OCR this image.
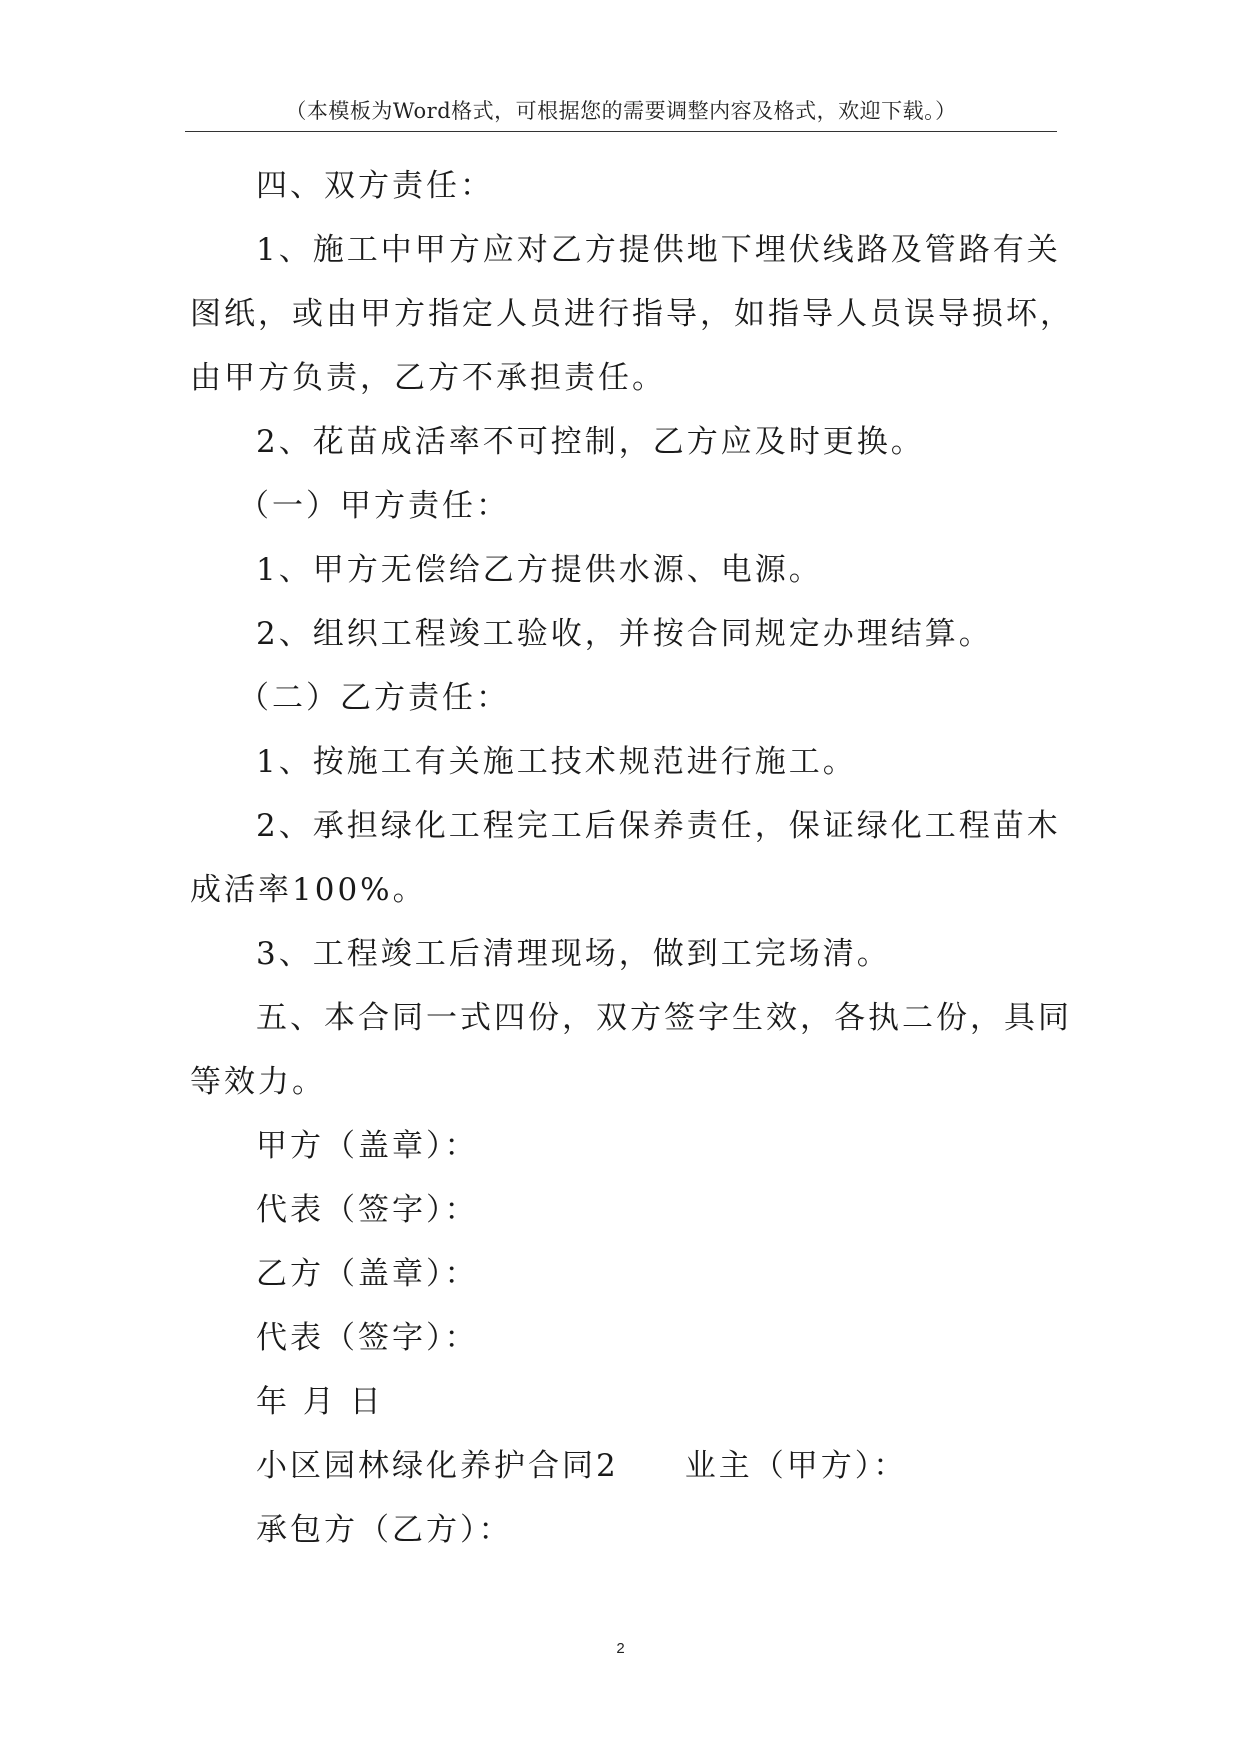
（本模板为Word格式，可根据您的需要调整内容及格式，欢迎下载。）
四、双方责任：
1、施工中甲方应对乙方提供地下埋伏线路及管路有关
图纸，或由甲方指定人员进行指导，如指导人员误导损坏，
由甲方负责，乙方不承担责任。
2、花苗成活率不可控制，乙方应及时更换。
（一）甲方责任：
1、甲方无偿给乙方提供水源、电源。
2、组织工程竣工验收，并按合同规定办理结算。
（二）乙方责任：
1、按施工有关施工技术规范进行施工。
2、承担绿化工程完工后保养责任，保证绿化工程苗木
成活率100%。
3、工程竣工后清理现场，做到工完场清。
五、本合同一式四份，双方签字生效，各执二份，具同
等效力。
甲方（盖章）：
代表（签字）：
乙方（盖章）：
代表（签字）：
年 月 日
小区园林绿化养护合同2 业主（甲方）：
承包方（乙方）：
2
